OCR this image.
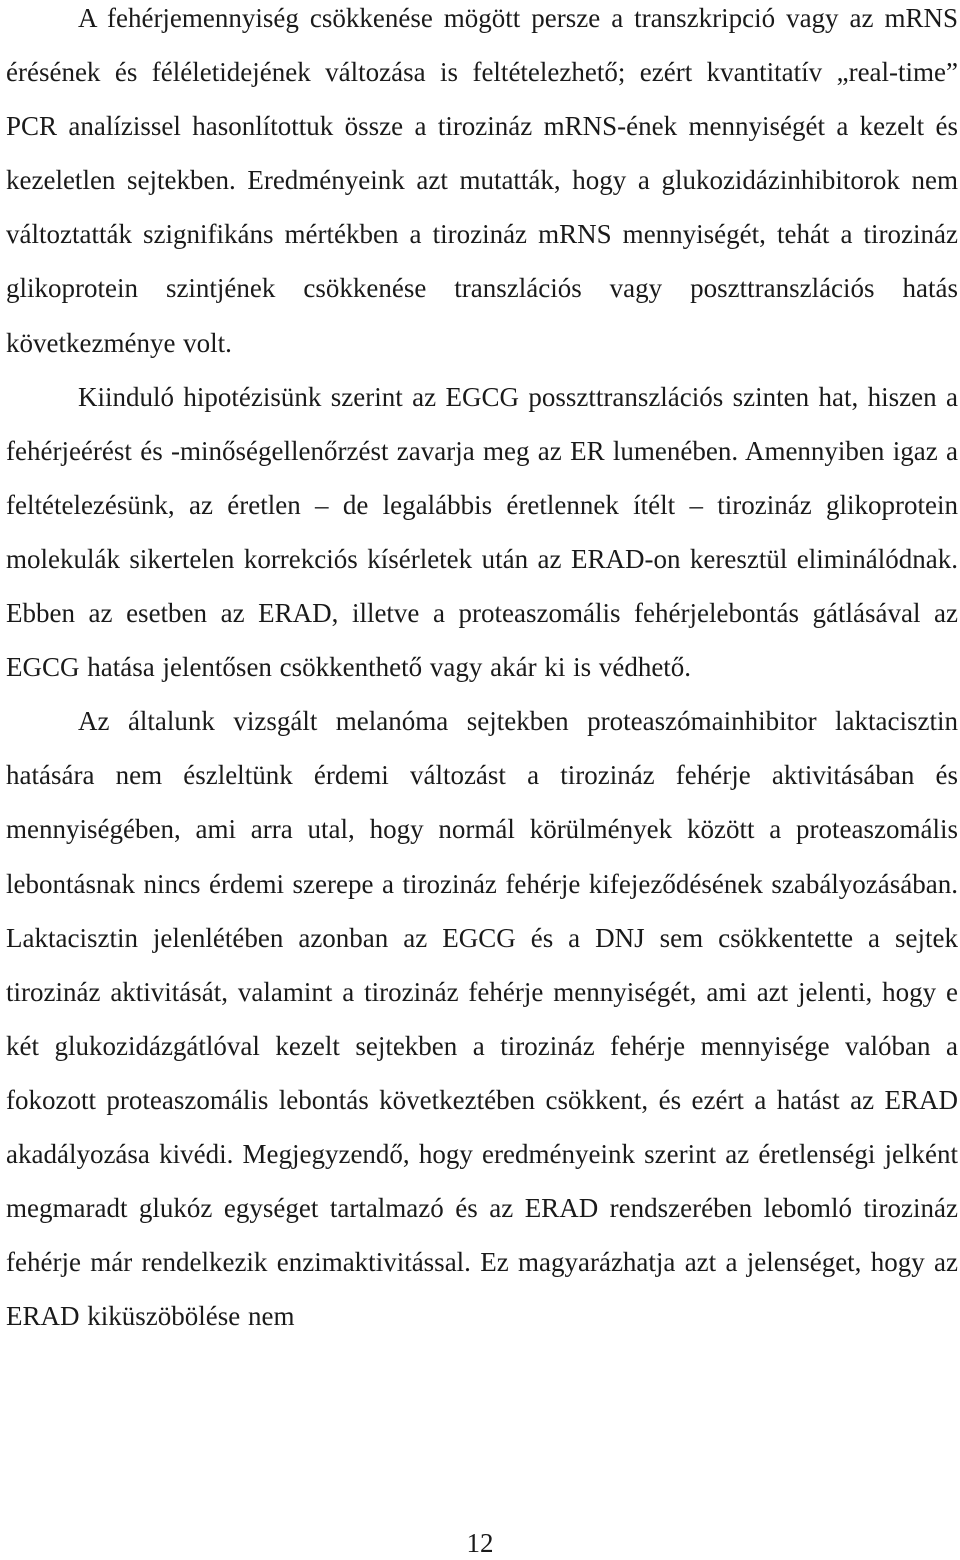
A fehérjemennyiség csökkenése mögött persze a transzkripció vagy az mRNS érésének és féléletidejének változása is feltételezhető; ezért kvantitatív „real-time” PCR analízissel hasonlítottuk össze a tirozináz mRNS-ének mennyiségét a kezelt és kezeletlen sejtekben. Eredményeink azt mutatták, hogy a glukozidázinhibitorok nem változtatták szignifikáns mértékben a tirozináz mRNS mennyiségét, tehát a tirozináz glikoprotein szintjének csökkenése transzlációs vagy poszttranszlációs hatás következménye volt.

Kiinduló hipotézisünk szerint az EGCG posszttranszlációs szinten hat, hiszen a fehérjeérést és -minőségellenőrzést zavarja meg az ER lumenében. Amennyiben igaz a feltételezésünk, az éretlen – de legalábbis éretlennek ítélt – tirozináz glikoprotein molekulák sikertelen korrekciós kísérletek után az ERAD-on keresztül eliminálódnak. Ebben az esetben az ERAD, illetve a proteaszomális fehérjelebontás gátlásával az EGCG hatása jelentősen csökkenthető vagy akár ki is védhető.

Az általunk vizsgált melanóma sejtekben proteaszómainhibitor laktacisztin hatására nem észleltünk érdemi változást a tirozináz fehérje aktivitásában és mennyiségében, ami arra utal, hogy normál körülmények között a proteaszomális lebontásnak nincs érdemi szerepe a tirozináz fehérje kifejeződésének szabályozásában. Laktacisztin jelenlétében azonban az EGCG és a DNJ sem csökkentette a sejtek tirozináz aktivitását, valamint a tirozináz fehérje mennyiségét, ami azt jelenti, hogy e két glukozidázgátlóval kezelt sejtekben a tirozináz fehérje mennyisége valóban a fokozott proteaszomális lebontás következtében csökkent, és ezért a hatást az ERAD akadályozása kivédi. Megjegyzendő, hogy eredményeink szerint az éretlenségi jelként megmaradt glukóz egységet tartalmazó és az ERAD rendszerében lebomló tirozináz fehérje már rendelkezik enzimaktivitással. Ez magyarázhatja azt a jelenséget, hogy az ERAD kiküszöbölése nem

12
